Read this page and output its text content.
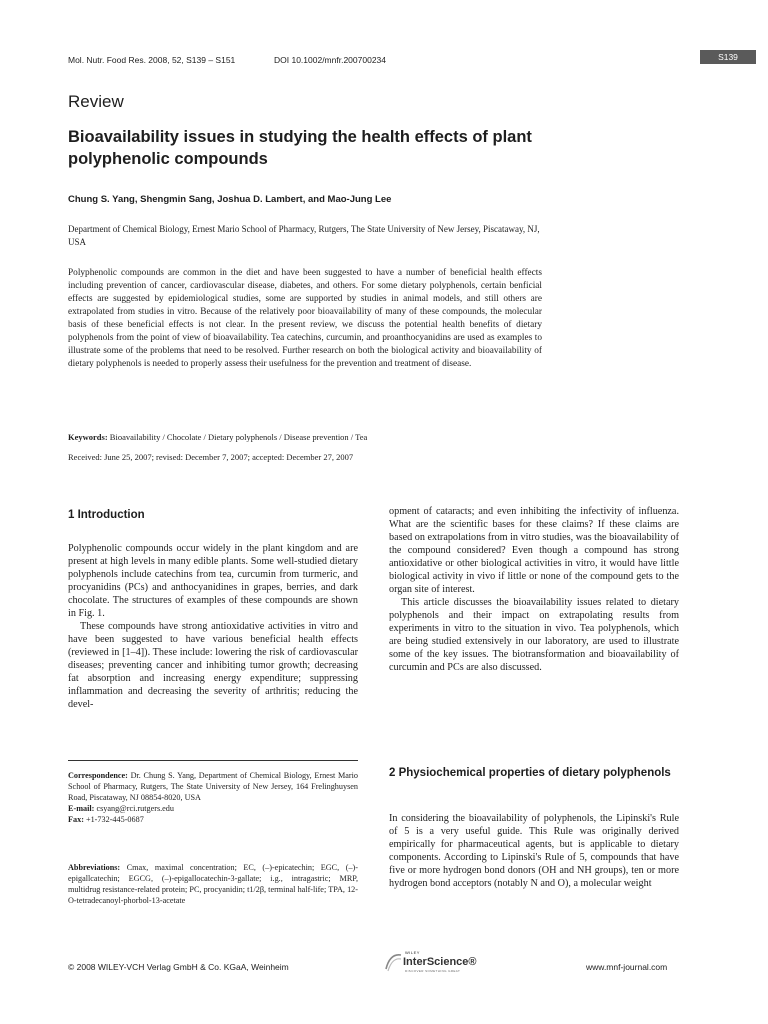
Mol. Nutr. Food Res. 2008, 52, S139 – S151	DOI 10.1002/mnfr.200700234	S139
Review
Bioavailability issues in studying the health effects of plant polyphenolic compounds
Chung S. Yang, Shengmin Sang, Joshua D. Lambert, and Mao-Jung Lee
Department of Chemical Biology, Ernest Mario School of Pharmacy, Rutgers, The State University of New Jersey, Piscataway, NJ, USA
Polyphenolic compounds are common in the diet and have been suggested to have a number of beneficial health effects including prevention of cancer, cardiovascular disease, diabetes, and others. For some dietary polyphenols, certain benficial effects are suggested by epidemiological studies, some are supported by studies in animal models, and still others are extrapolated from studies in vitro. Because of the relatively poor bioavailability of many of these compounds, the molecular basis of these beneficial effects is not clear. In the present review, we discuss the potential health benefits of dietary polyphenols from the point of view of bioavailability. Tea catechins, curcumin, and proanthocyanidins are used as examples to illustrate some of the problems that need to be resolved. Further research on both the biological activity and bioavailability of dietary polyphenols is needed to properly assess their usefulness for the prevention and treatment of disease.
Keywords: Bioavailability / Chocolate / Dietary polyphenols / Disease prevention / Tea
Received: June 25, 2007; revised: December 7, 2007; accepted: December 27, 2007
1 Introduction
Polyphenolic compounds occur widely in the plant kingdom and are present at high levels in many edible plants. Some well-studied dietary polyphenols include catechins from tea, curcumin from turmeric, and procyanidins (PCs) and anthocyanidines in grapes, berries, and dark chocolate. The structures of examples of these compounds are shown in Fig. 1.
These compounds have strong antioxidative activities in vitro and have been suggested to have various beneficial health effects (reviewed in [1–4]). These include: lowering the risk of cardiovascular diseases; preventing cancer and inhibiting tumor growth; decreasing fat absorption and increasing energy expenditure; suppressing inflammation and decreasing the severity of arthritis; reducing the devel-
opment of cataracts; and even inhibiting the infectivity of influenza. What are the scientific bases for these claims? If these claims are based on extrapolations from in vitro studies, was the bioavailability of the compound considered? Even though a compound has strong antioxidative or other biological activities in vitro, it would have little biological activity in vivo if little or none of the compound gets to the organ site of interest.
This article discusses the bioavailability issues related to dietary polyphenols and their impact on extrapolating results from experiments in vitro to the situation in vivo. Tea polyphenols, which are being studied extensively in our laboratory, are used to illustrate some of the key issues. The biotransformation and bioavailability of curcumin and PCs are also discussed.
2 Physiochemical properties of dietary polyphenols
In considering the bioavailability of polyphenols, the Lipinski's Rule of 5 is a very useful guide. This Rule was originally derived empirically for pharmaceutical agents, but is applicable to dietary components. According to Lipinski's Rule of 5, compounds that have five or more hydrogen bond donors (OH and NH groups), ten or more hydrogen bond acceptors (notably N and O), a molecular weight
Correspondence: Dr. Chung S. Yang, Department of Chemical Biology, Ernest Mario School of Pharmacy, Rutgers, The State University of New Jersey, 164 Frelinghuysen Road, Piscataway, NJ 08854-8020, USA
E-mail: csyang@rci.rutgers.edu
Fax: +1-732-445-0687
Abbreviations: Cmax, maximal concentration; EC, (–)-epicatechin; EGC, (–)-epigallcatechin; EGCG, (–)-epigallocatechin-3-gallate; i.g., intragastric; MRP, multidrug resistance-related protein; PC, procyanidin; t1/2β, terminal half-life; TPA, 12-O-tetradecanoyl-phorbol-13-acetate
© 2008 WILEY-VCH Verlag GmbH & Co. KGaA, Weinheim
WILEY
InterScience®
DISCOVER SOMETHING GREAT	www.mnf-journal.com
